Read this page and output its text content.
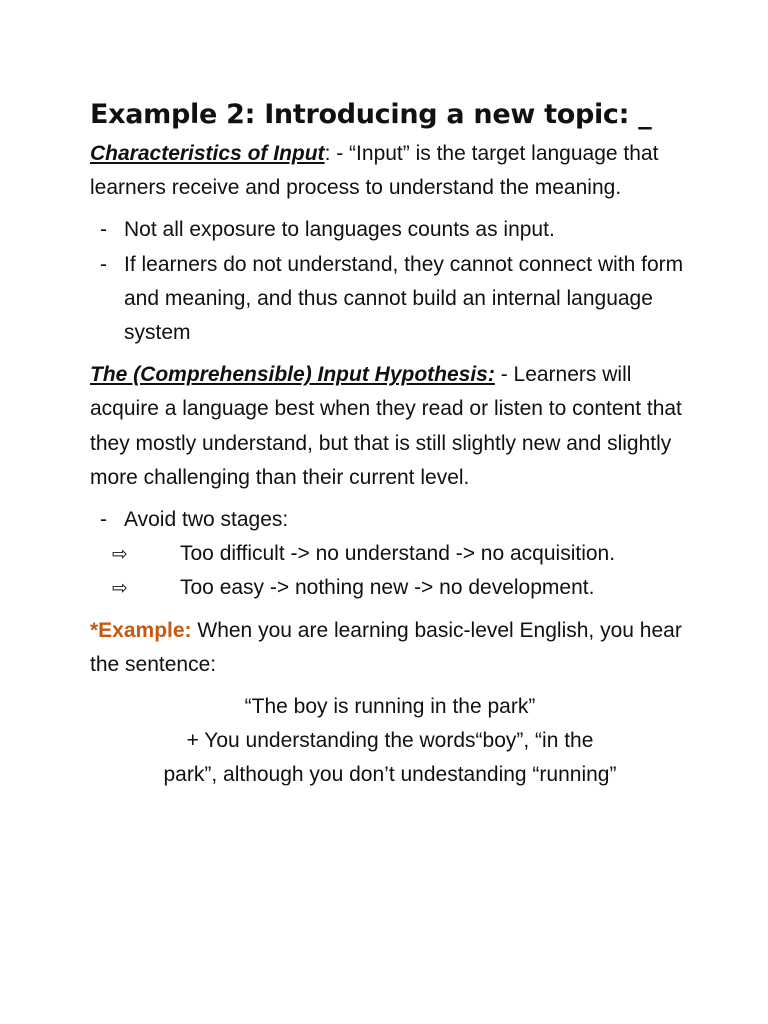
Example 2: Introducing a new topic: _

Characteristics of Input: - “Input” is the target language that learners receive and process to understand the meaning.

- Not all exposure to languages counts as input.
- If learners do not understand, they cannot connect with form and meaning, and thus cannot build an internal language system

The (Comprehensible) Input Hypothesis: - Learners will acquire a language best when they read or listen to content that they mostly understand, but that is still slightly new and slightly more challenging than their current level.

- Avoid two stages:
⇨ Too difficult -> no understand -> no acquisition.
⇨ Too easy -> nothing new -> no development.

*Example: When you are learning basic-level English, you hear the sentence:

“The boy is running in the park”
+ You understanding the words“boy”, “in the
park”, although you don’t undestanding “running”
